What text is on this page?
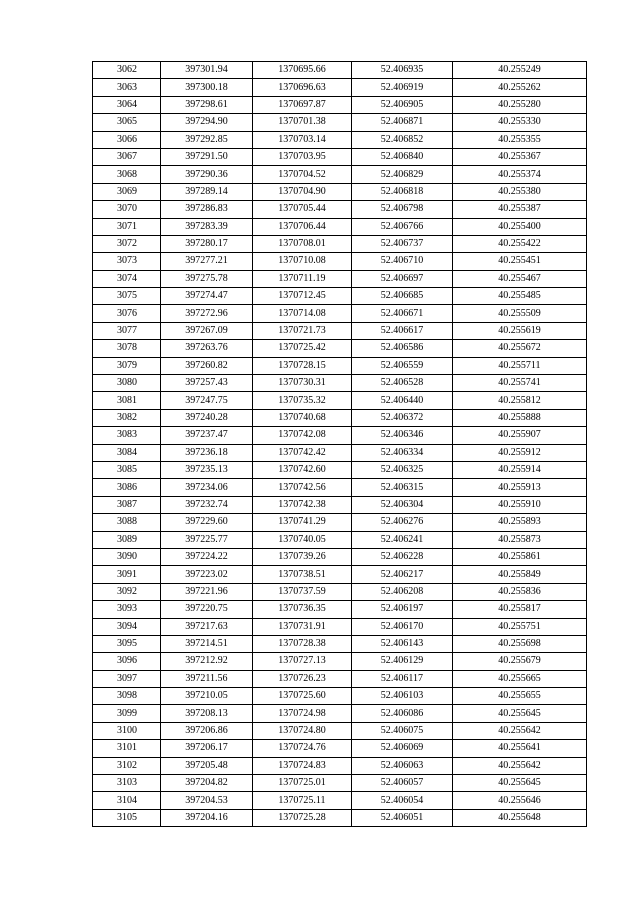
3062	397301.94	1370695.66	52.406935	40.255249
3063	397300.18	1370696.63	52.406919	40.255262
3064	397298.61	1370697.87	52.406905	40.255280
3065	397294.90	1370701.38	52.406871	40.255330
3066	397292.85	1370703.14	52.406852	40.255355
3067	397291.50	1370703.95	52.406840	40.255367
3068	397290.36	1370704.52	52.406829	40.255374
3069	397289.14	1370704.90	52.406818	40.255380
3070	397286.83	1370705.44	52.406798	40.255387
3071	397283.39	1370706.44	52.406766	40.255400
3072	397280.17	1370708.01	52.406737	40.255422
3073	397277.21	1370710.08	52.406710	40.255451
3074	397275.78	1370711.19	52.406697	40.255467
3075	397274.47	1370712.45	52.406685	40.255485
3076	397272.96	1370714.08	52.406671	40.255509
3077	397267.09	1370721.73	52.406617	40.255619
3078	397263.76	1370725.42	52.406586	40.255672
3079	397260.82	1370728.15	52.406559	40.255711
3080	397257.43	1370730.31	52.406528	40.255741
3081	397247.75	1370735.32	52.406440	40.255812
3082	397240.28	1370740.68	52.406372	40.255888
3083	397237.47	1370742.08	52.406346	40.255907
3084	397236.18	1370742.42	52.406334	40.255912
3085	397235.13	1370742.60	52.406325	40.255914
3086	397234.06	1370742.56	52.406315	40.255913
3087	397232.74	1370742.38	52.406304	40.255910
3088	397229.60	1370741.29	52.406276	40.255893
3089	397225.77	1370740.05	52.406241	40.255873
3090	397224.22	1370739.26	52.406228	40.255861
3091	397223.02	1370738.51	52.406217	40.255849
3092	397221.96	1370737.59	52.406208	40.255836
3093	397220.75	1370736.35	52.406197	40.255817
3094	397217.63	1370731.91	52.406170	40.255751
3095	397214.51	1370728.38	52.406143	40.255698
3096	397212.92	1370727.13	52.406129	40.255679
3097	397211.56	1370726.23	52.406117	40.255665
3098	397210.05	1370725.60	52.406103	40.255655
3099	397208.13	1370724.98	52.406086	40.255645
3100	397206.86	1370724.80	52.406075	40.255642
3101	397206.17	1370724.76	52.406069	40.255641
3102	397205.48	1370724.83	52.406063	40.255642
3103	397204.82	1370725.01	52.406057	40.255645
3104	397204.53	1370725.11	52.406054	40.255646
3105	397204.16	1370725.28	52.406051	40.255648
